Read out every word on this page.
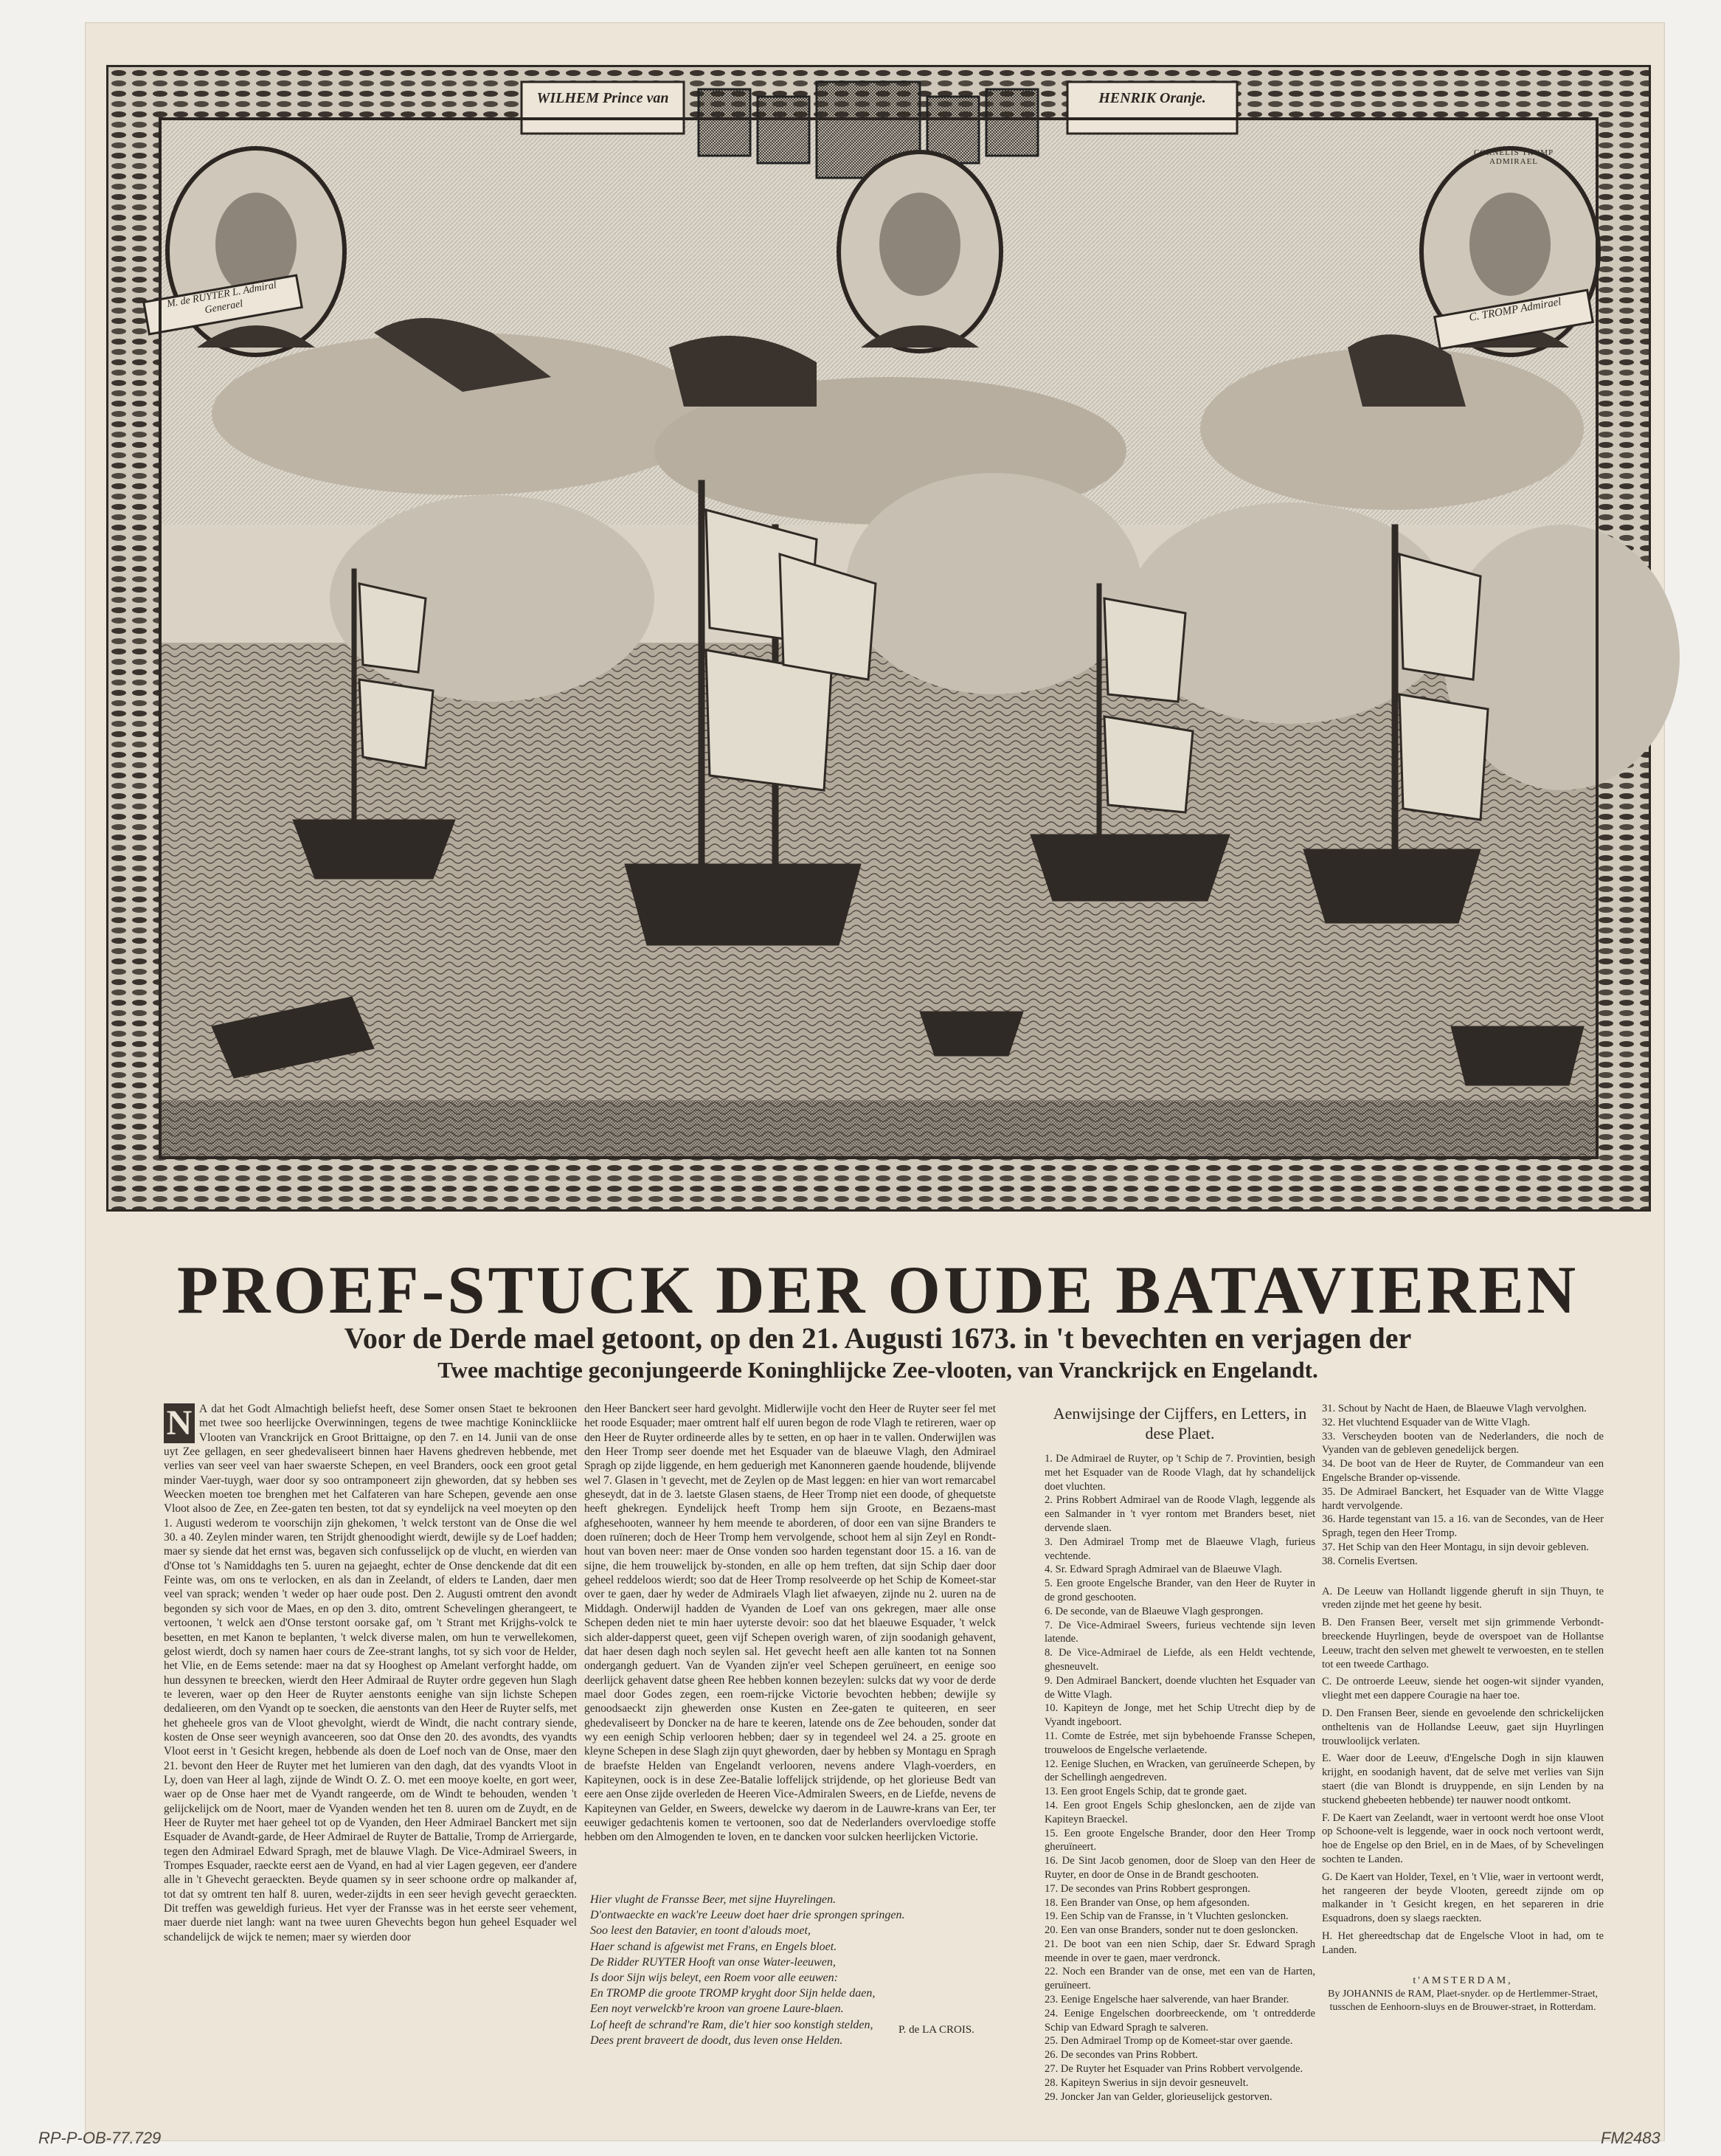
WILHEM Prince van	HENRIK Oranje.
M. de RUYTER L. Admiral Generael	C. TROMP Admirael
CORNELIS TROMP ADMIRAEL
PROEF-STUCK DER OUDE BATAVIEREN
Voor de Derde mael getoont, op den 21. Augusti 1673. in 't bevechten en verjagen der
Twee machtige geconjungeerde Koninghlijcke Zee-vlooten, van Vranckrijck en Engelandt.
N A dat het Godt Almachtigh beliefst heeft, dese Somer onsen Staet te bekroonen met twee soo heerlijcke Overwinningen, tegens de twee machtige Koninckliicke Vlooten van Vranckrijck en Groot Brittaigne, op den 7. en 14. Junii van de onse uyt Zee gellagen, en seer ghedevaliseert binnen haer Havens ghedreven hebbende, met verlies van seer veel van haer swaerste Schepen, en veel Branders, oock een groot getal minder Vaer-tuygh, waer door sy soo ontramponeert zijn gheworden, dat sy hebben ses Weecken moeten toe brenghen met het Calfateren van hare Schepen, gevende aen onse Vloot alsoo de Zee, en Zee-gaten ten besten, tot dat sy eyndelijck na veel moeyten op den 1. Augusti wederom te voorschijn zijn ghekomen, 't welck terstont van de Onse die wel 30. a 40. Zeylen minder waren, ten Strijdt ghenoodight wierdt, dewijle sy de Loef hadden; maer sy siende dat het ernst was, begaven sich confusselijck op de vlucht, en wierden van d'Onse tot 's Namiddaghs ten 5. uuren na gejaeght, echter de Onse denckende dat dit een Feinte was, om ons te verlocken, en als dan in Zeelandt, of elders te Landen, daer men veel van sprack; wenden 't weder op haer oude post. Den 2. Augusti omtrent den avondt begonden sy sich voor de Maes, en op den 3. dito, omtrent Schevelingen gherangeert, te vertoonen, 't welck aen d'Onse terstont oorsake gaf, om 't Strant met Krijghs-volck te besetten, en met Kanon te beplanten, 't welck diverse malen, om hun te verwellekomen, gelost wierdt, doch sy namen haer cours de Zee-strant langhs, tot sy sich voor de Helder, het Vlie, en de Eems setende: maer na dat sy Hooghest op Amelant verforght hadde, om hun dessynen te breecken, wierdt den Heer Admiraal de Ruyter ordre gegeven hun Slagh te leveren, waer op den Heer de Ruyter aenstonts eenighe van sijn lichste Schepen dedalieeren, om den Vyandt op te soecken, die aenstonts van den Heer de Ruyter selfs, met het gheheele gros van de Vloot ghevolght, wierdt de Windt, die nacht contrary siende, kosten de Onse seer weynigh avanceeren, soo dat Onse den 20. des avondts, des vyandts Vloot eerst in 't Gesicht kregen, hebbende als doen de Loef noch van de Onse, maer den 21. bevont den Heer de Ruyter met het lumieren van den dagh, dat des vyandts Vloot in Ly, doen van Heer al lagh, zijnde de Windt O. Z. O. met een mooye koelte, en gort weer, waer op de Onse haer met de Vyandt rangeerde, om de Windt te behouden, wenden 't gelijckelijck om de Noort, maer de Vyanden wenden het ten 8. uuren om de Zuydt, en de Heer de Ruyter met haer geheel tot op de Vyanden, den Heer Admirael Banckert met sijn Esquader de Avandt-garde, de Heer Admirael de Ruyter de Battalie, Tromp de Arriergarde, tegen den Admirael Edward Spragh, met de blauwe Vlagh. De Vice-Admirael Sweers, in Trompes Esquader, raeckte eerst aen de Vyand, en had al vier Lagen gegeven, eer d'andere alle in 't Ghevecht geraeckten. Beyde quamen sy in seer schoone ordre op malkander af, tot dat sy omtrent ten half 8. uuren, weder-zijdts in een seer hevigh gevecht geraeckten. Dit treffen was geweldigh furieus. Het vyer der Fransse was in het eerste seer vehement, maer duerde niet langh: want na twee uuren Ghevechts begon hun geheel Esquader wel schandelijck de wijck te nemen; maer sy wierden door
den Heer Banckert seer hard gevolght. Midlerwijle vocht den Heer de Ruyter seer fel met het roode Esquader; maer omtrent half elf uuren begon de rode Vlagh te retireren, waer op den Heer de Ruyter ordineerde alles by te setten, en op haer in te vallen. Onderwijlen was den Heer Tromp seer doende met het Esquader van de blaeuwe Vlagh, den Admirael Spragh op zijde liggende, en hem geduerigh met Kanonneren gaende houdende, blijvende wel 7. Glasen in 't gevecht, met de Zeylen op de Mast leggen: en hier van wort remarcabel gheseydt, dat in de 3. laetste Glasen staens, de Heer Tromp niet een doode, of ghequetste heeft ghekregen. Eyndelijck heeft Tromp hem sijn Groote, en Bezaens-mast afghesehooten, wanneer hy hem meende te aborderen, of door een van sijne Branders te doen ruïneren; doch de Heer Tromp hem vervolgende, schoot hem al sijn Zeyl en Rondt-hout van boven neer: maer de Onse vonden soo harden tegenstant door 15. a 16. van de sijne, die hem trouwelijck by-stonden, en alle op hem treften, dat sijn Schip daer door geheel reddeloos wierdt; soo dat de Heer Tromp resolveerde op het Schip de Komeet-star over te gaen, daer hy weder de Admiraels Vlagh liet afwaeyen, zijnde nu 2. uuren na de Middagh. Onderwijl hadden de Vyanden de Loef van ons gekregen, maer alle onse Schepen deden niet te min haer uyterste devoir: soo dat het blaeuwe Esquader, 't welck sich alder-dapperst queet, geen vijf Schepen overigh waren, of zijn soodanigh gehavent, dat haer desen dagh noch seylen sal. Het gevecht heeft aen alle kanten tot na Sonnen ondergangh geduert. Van de Vyanden zijn'er veel Schepen geruïneert, en eenige soo deerlijck gehavent datse gheen Ree hebben konnen bezeylen: sulcks dat wy voor de derde mael door Godes zegen, een roem-rijcke Victorie bevochten hebben; dewijle sy genoodsaeckt zijn ghewerden onse Kusten en Zee-gaten te quiteeren, en seer ghedevaliseert by Doncker na de hare te keeren, latende ons de Zee behouden, sonder dat wy een eenigh Schip verlooren hebben; daer sy in tegendeel wel 24. a 25. groote en kleyne Schepen in dese Slagh zijn quyt gheworden, daer by hebben sy Montagu en Spragh de braefste Helden van Engelandt verlooren, nevens andere Vlagh-voerders, en Kapiteynen, oock is in dese Zee-Batalie loffelijck strijdende, op het glorieuse Bedt van eere aen Onse zijde overleden de Heeren Vice-Admiralen Sweers, en de Liefde, nevens de Kapiteynen van Gelder, en Sweers, dewelcke wy daerom in de Lauwre-krans van Eer, ter eeuwiger gedachtenis komen te vertoonen, soo dat de Nederlanders overvloedige stoffe hebben om den Almogenden te loven, en te dancken voor sulcken heerlijcken Victorie.
Hier vlught de Fransse Beer, met sijne Huyrelingen.
D'ontwaeckte en wack're Leeuw doet haer drie sprongen springen.
Soo leest den Batavier, en toont d'alouds moet,
Haer schand is afgewist met Frans, en Engels bloet.
De Ridder RUYTER Hooft van onse Water-leeuwen,
Is door Sijn wijs beleyt, een Roem voor alle eeuwen:
En TROMP die groote TROMP kryght door Sijn helde daen,
Een noyt verwelckb're kroon van groene Laure-blaen.
Lof heeft de schrand're Ram, die't hier soo konstigh stelden,
Dees prent braveert de doodt, dus leven onse Helden.
P. de LA CROIS.
Aenwijsinge der Cijffers, en Letters, in dese Plaet.
1. De Admirael de Ruyter, op 't Schip de 7. Provintien, besigh met het Esquader van de Roode Vlagh, dat hy schandelijck doet vluchten.
2. Prins Robbert Admirael van de Roode Vlagh, leggende als een Salmander in 't vyer rontom met Branders beset, niet dervende slaen.
3. Den Admirael Tromp met de Blaeuwe Vlagh, furieus vechtende.
4. Sr. Edward Spragh Admirael van de Blaeuwe Vlagh.
5. Een groote Engelsche Brander, van den Heer de Ruyter in de grond geschooten.
6. De seconde, van de Blaeuwe Vlagh gesprongen.
7. De Vice-Admirael Sweers, furieus vechtende sijn leven latende.
8. De Vice-Admirael de Liefde, als een Heldt vechtende, ghesneuvelt.
9. Den Admirael Banckert, doende vluchten het Esquader van de Witte Vlagh.
10. Kapiteyn de Jonge, met het Schip Utrecht diep by de Vyandt ingeboort.
11. Comte de Estrée, met sijn bybehoende Fransse Schepen, trouweloos de Engelsche verlaetende.
12. Eenige Sluchen, en Wracken, van geruïneerde Schepen, by der Schellingh aengedreven.
13. Een groot Engels Schip, dat te gronde gaet.
14. Een groot Engels Schip ghesloncken, aen de zijde van Kapiteyn Braeckel.
15. Een groote Engelsche Brander, door den Heer Tromp gheruïneert.
16. De Sint Jacob genomen, door de Sloep van den Heer de Ruyter, en door de Onse in de Brandt geschooten.
17. De secondes van Prins Robbert gesprongen.
18. Een Brander van Onse, op hem afgesonden.
19. Een Schip van de Fransse, in 't Vluchten gesloncken.
20. Een van onse Branders, sonder nut te doen gesloncken.
21. De boot van een nien Schip, daer Sr. Edward Spragh meende in over te gaen, maer verdronck.
22. Noch een Brander van de onse, met een van de Harten, geruïneert.
23. Eenige Engelsche haer salverende, van haer Brander.
24. Eenige Engelschen doorbreeckende, om 't ontredderde Schip van Edward Spragh te salveren.
25. Den Admirael Tromp op de Komeet-star over gaende.
26. De secondes van Prins Robbert.
27. De Ruyter het Esquader van Prins Robbert vervolgende.
28. Kapiteyn Swerius in sijn devoir gesneuvelt.
29. Joncker Jan van Gelder, glorieuselijck gestorven.
31. Schout by Nacht de Haen, de Blaeuwe Vlagh vervolghen.
32. Het vluchtend Esquader van de Witte Vlagh.
33. Verscheyden booten van de Nederlanders, die noch de Vyanden van de gebleven genedelijck bergen.
34. De boot van de Heer de Ruyter, de Commandeur van een Engelsche Brander op-vissende.
35. De Admirael Banckert, het Esquader van de Witte Vlagge hardt vervolgende.
36. Harde tegenstant van 15. a 16. van de Secondes, van de Heer Spragh, tegen den Heer Tromp.
37. Het Schip van den Heer Montagu, in sijn devoir gebleven.
38. Cornelis Evertsen.
A. De Leeuw van Hollandt liggende gheruft in sijn Thuyn, te vreden zijnde met het geene hy besit.
B. Den Fransen Beer, verselt met sijn grimmende Verbondt-breeckende Huyrlingen, beyde de overspoet van de Hollantse Leeuw, tracht den selven met ghewelt te verwoesten, en te stellen tot een tweede Carthago.
C. De ontroerde Leeuw, siende het oogen-wit sijnder vyanden, vlieght met een dappere Couragie na haer toe.
D. Den Fransen Beer, siende en gevoelende den schrickelijcken ontheltenis van de Hollandse Leeuw, gaet sijn Huyrlingen trouwloolijck verlaten.
E. Waer door de Leeuw, d'Engelsche Dogh in sijn klauwen krijght, en soodanigh havent, dat de selve met verlies van Sijn staert (die van Blondt is druyppende, en sijn Lenden by na stuckend ghebeeten hebbende) ter nauwer noodt ontkomt.
F. De Kaert van Zeelandt, waer in vertoont werdt hoe onse Vloot op Schoone-velt is leggende, waer in oock noch vertoont werdt, hoe de Engelse op den Briel, en in de Maes, of by Schevelingen sochten te Landen.
G. De Kaert van Holder, Texel, en 't Vlie, waer in vertoont werdt, het rangeeren der beyde Vlooten, gereedt zijnde om op malkander in 't Gesicht kregen, en het separeren in drie Esquadrons, doen sy slaegs raeckten.
H. Het ghereedtschap dat de Engelsche Vloot in had, om te Landen.
t'AMSTERDAM,
By JOHANNIS de RAM, Plaet-snyder. op de Hertlemmer-Straet, tusschen de Eenhoorn-sluys en de Brouwer-straet, in Rotterdam.
RP-P-OB-77.729	FM2483
